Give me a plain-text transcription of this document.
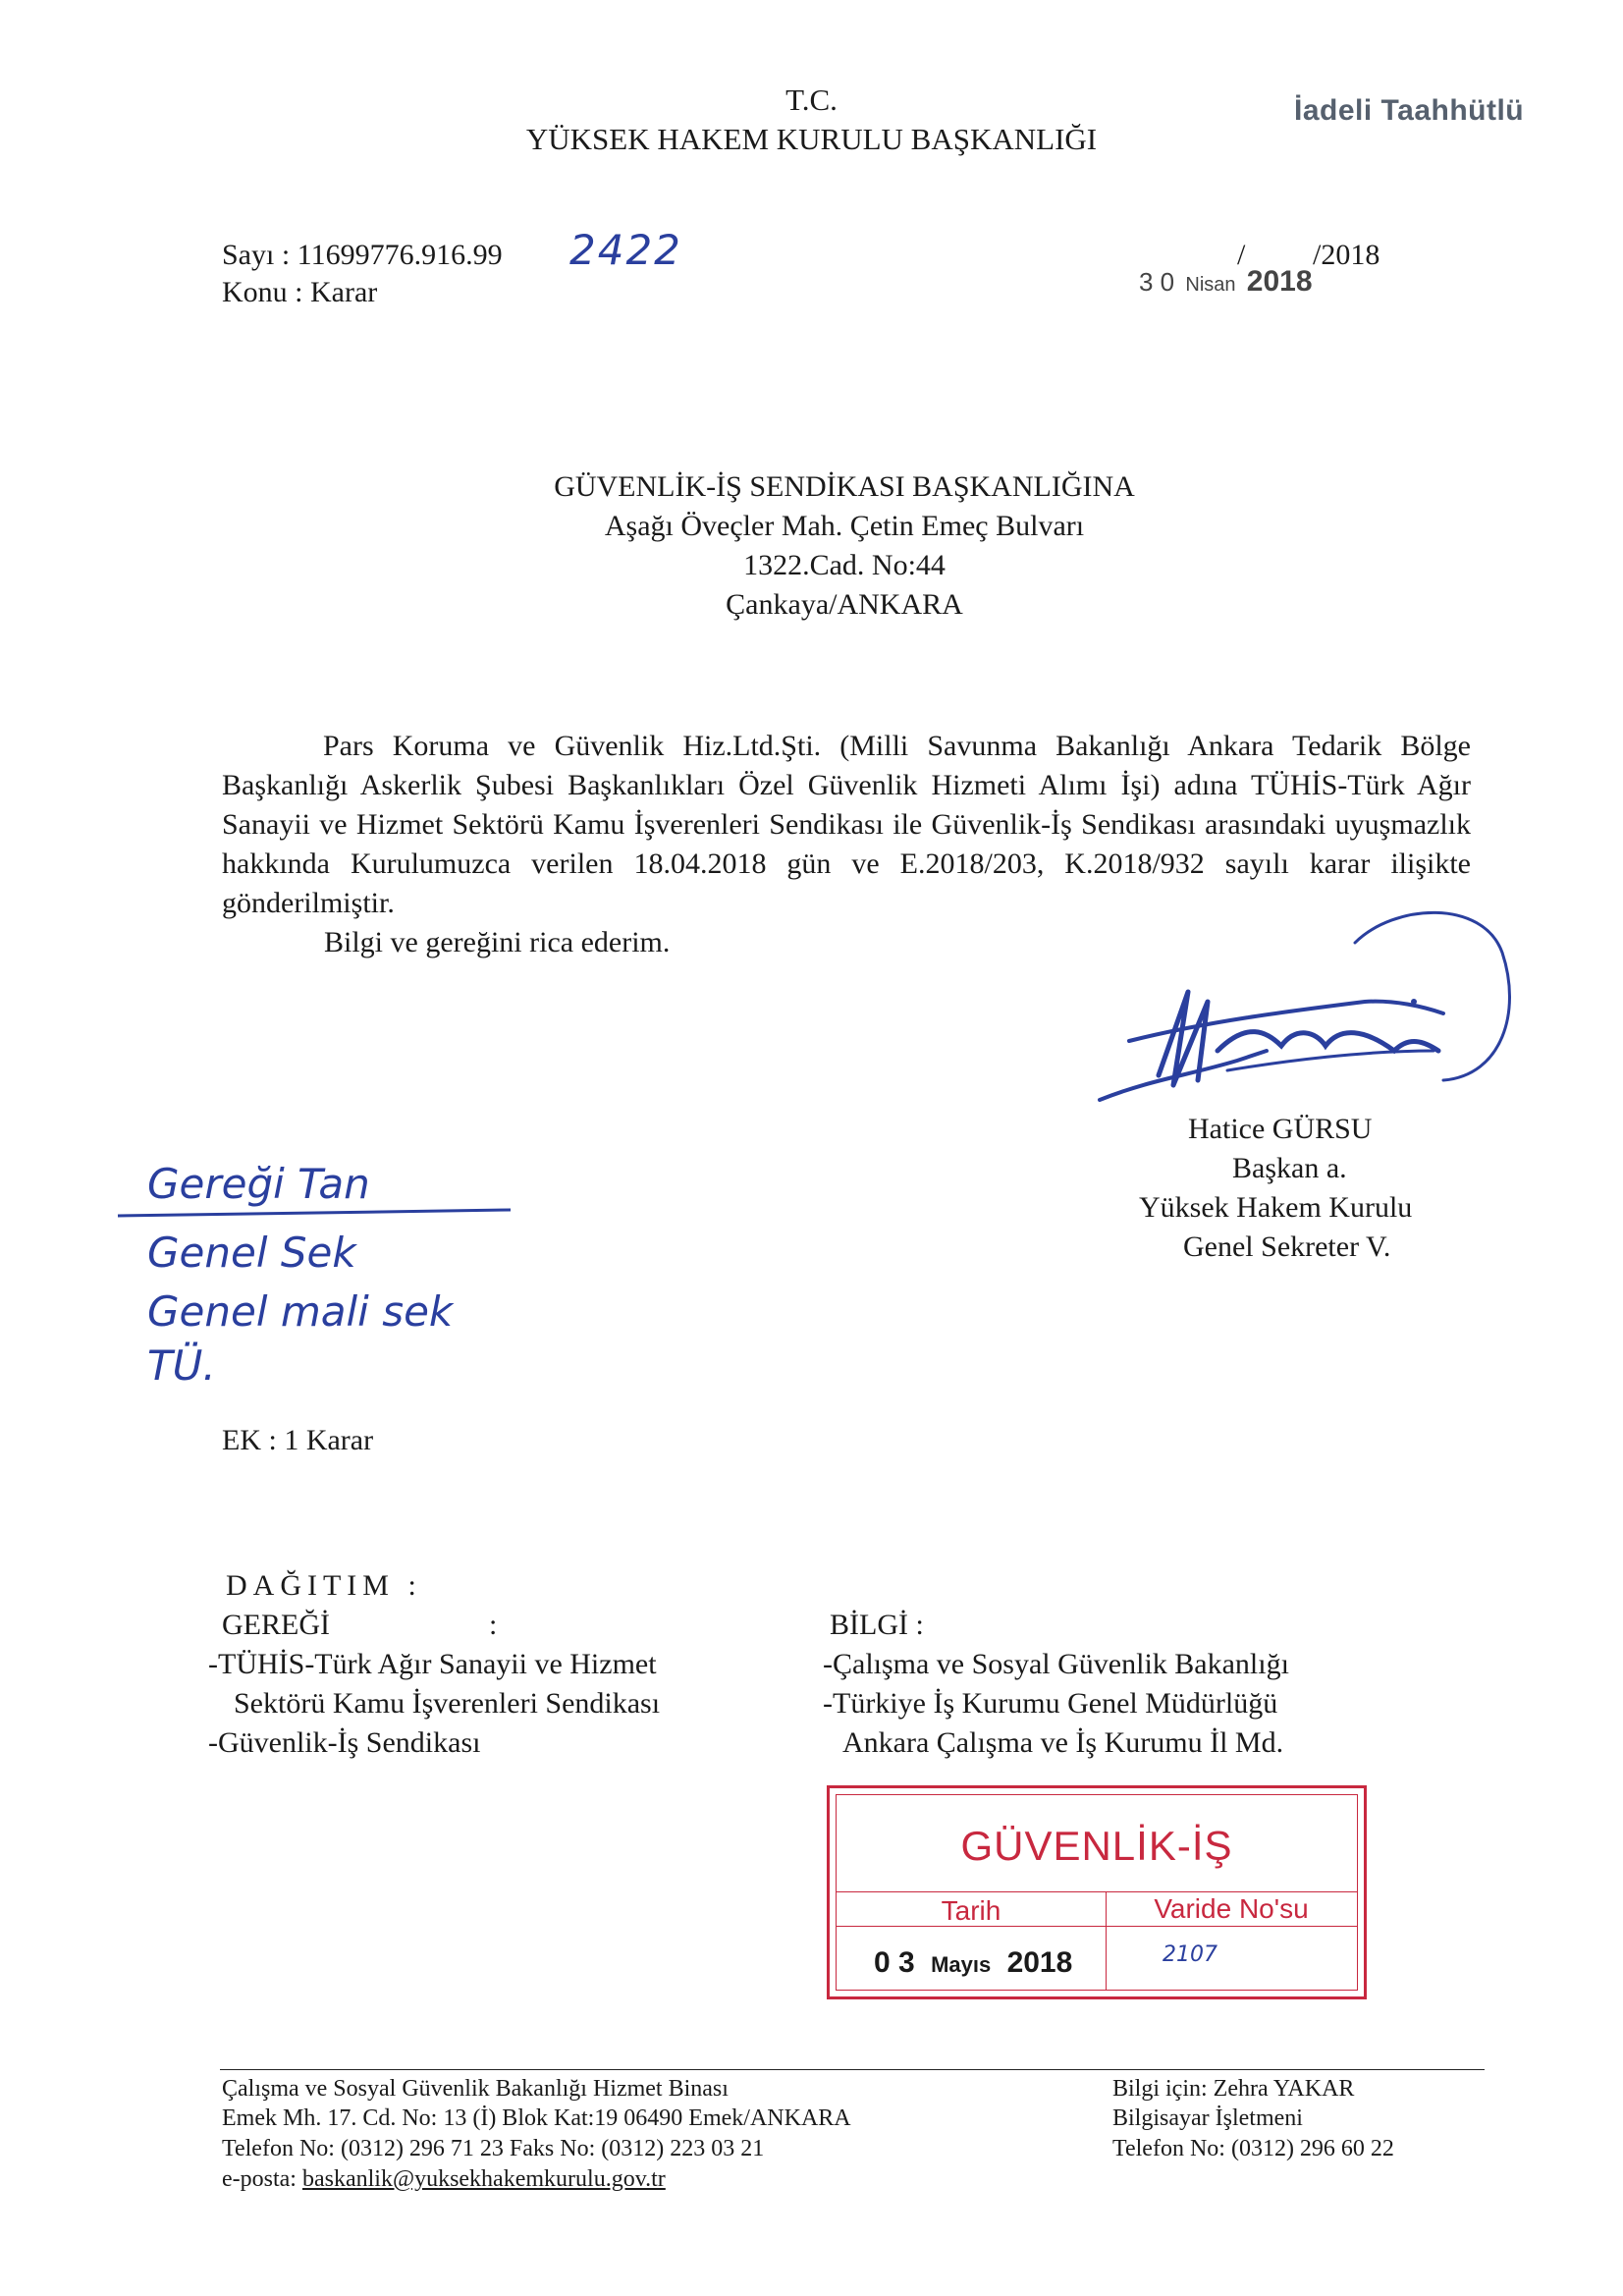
T.C.
YÜKSEK HAKEM KURULU BAŞKANLIĞI
İadeli Taahhütlü
Sayı : 11699776.916.99 2422
Konu : Karar
/ /2018
3 0 Nisan 2018
GÜVENLİK-İŞ SENDİKASI BAŞKANLIĞINA
Aşağı Öveçler Mah. Çetin Emeç Bulvarı
1322.Cad. No:44
Çankaya/ANKARA

Pars Koruma ve Güvenlik Hiz.Ltd.Şti. (Milli Savunma Bakanlığı Ankara Tedarik Bölge Başkanlığı Askerlik Şubesi Başkanlıkları Özel Güvenlik Hizmeti Alımı İşi) adına TÜHİS-Türk Ağır Sanayii ve Hizmet Sektörü Kamu İşverenleri Sendikası ile Güvenlik-İş Sendikası arasındaki uyuşmazlık hakkında Kurulumuzca verilen 18.04.2018 gün ve E.2018/203, K.2018/932 sayılı karar ilişikte gönderilmiştir.

Bilgi ve gereğini rica ederim.
Hatice GÜRSU
Başkan a.
Yüksek Hakem Kurulu
Genel Sekreter V.
Gereği Tan
Genel Sek
Genel mali sek
TÜ.
EK : 1 Karar
DAĞITIM :
GEREĞİ	:
-TÜHİS-Türk Ağır Sanayii ve Hizmet
Sektörü Kamu İşverenleri Sendikası
-Güvenlik-İş Sendikası
BİLGİ :
-Çalışma ve Sosyal Güvenlik Bakanlığı
-Türkiye İş Kurumu Genel Müdürlüğü
Ankara Çalışma ve İş Kurumu İl Md.
GÜVENLİK-İŞ
Tarih	Varide No'su
0 3 Mayıs 2018	2107
Çalışma ve Sosyal Güvenlik Bakanlığı Hizmet Binası
Emek Mh. 17. Cd. No: 13 (İ) Blok Kat:19 06490 Emek/ANKARA
Telefon No: (0312) 296 71 23 Faks No: (0312) 223 03 21
e-posta: baskanlik@yuksekhakemkurulu.gov.tr
Bilgi için: Zehra YAKAR
Bilgisayar İşletmeni
Telefon No: (0312) 296 60 22
